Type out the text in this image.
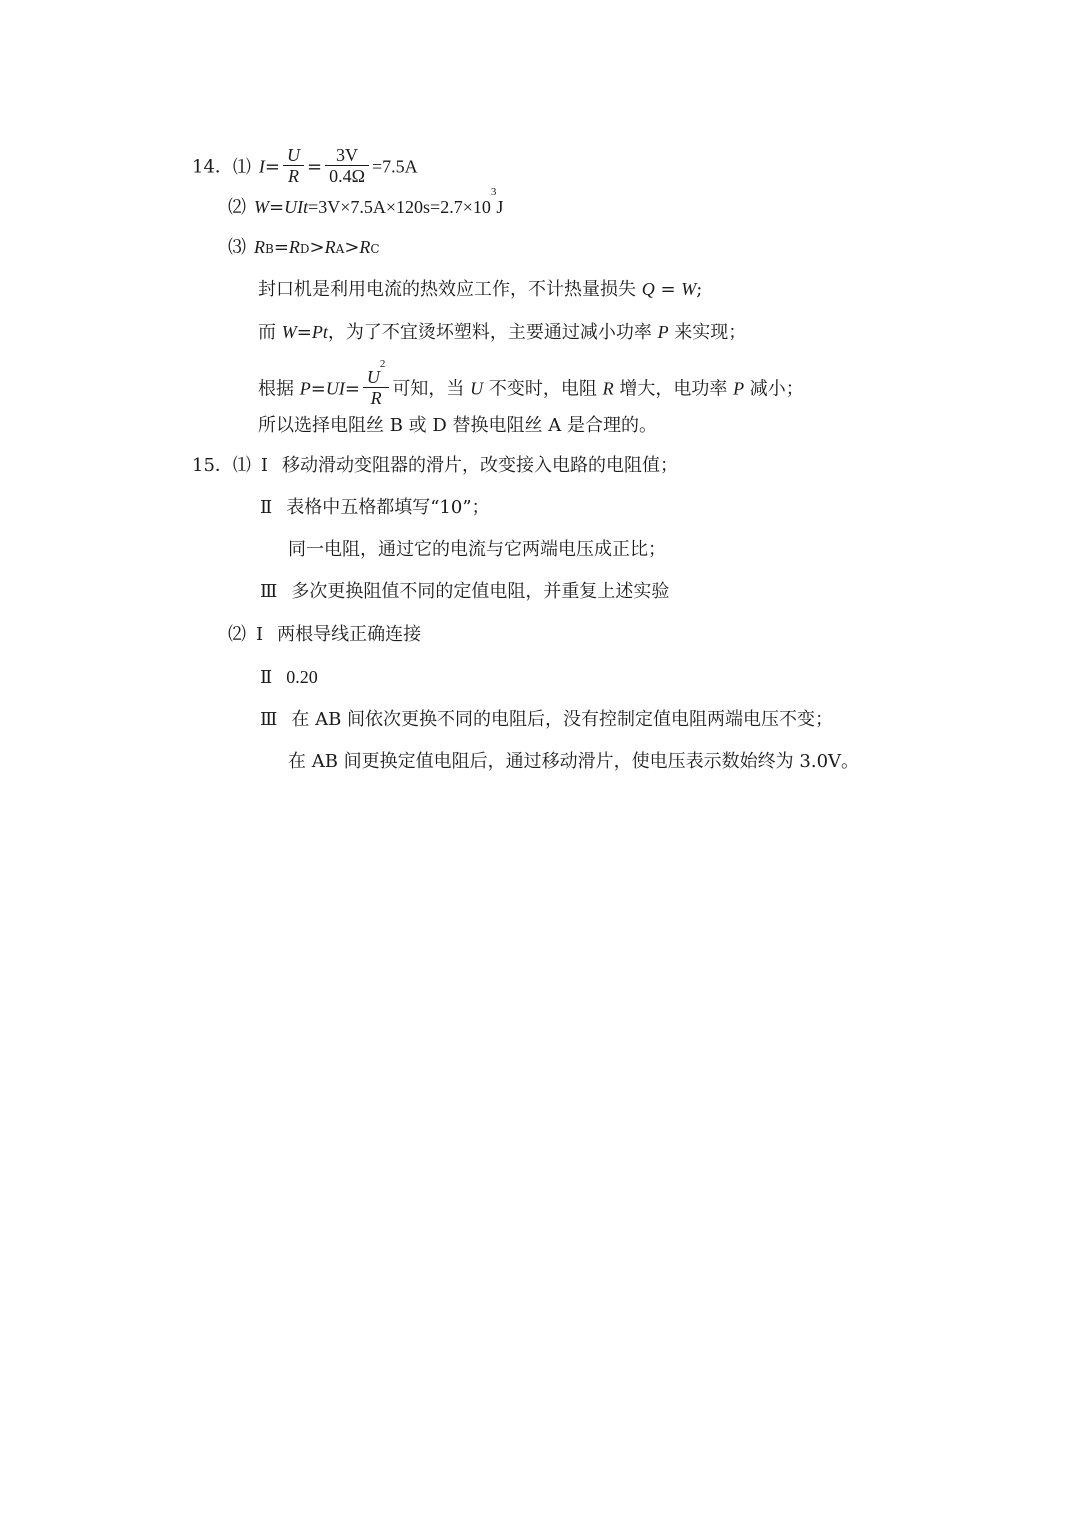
14．⑴ $I= \frac{U}{R} = \frac{3V}{0.4\Omega} =7.5A$
⑵ $W=UIt=3V\times 7.5A\times 120s=2.7\times 10^3J$
⑶ RB=RD>RA>RC
封口机是利用电流的热效应工作，不计热量损失 Q = W;
而 W=Pt，为了不宜烫坏塑料，主要通过减小功率 P 来实现；
根据 $P=UI= \frac{U^2}{R}$ 可知，当 U 不变时，电阻 R 增大，电功率 P 减小；
所以选择电阻丝 B 或 D 替换电阻丝 A 是合理的。
15．⑴ Ⅰ 移动滑动变阻器的滑片，改变接入电路的电阻值；
Ⅱ 表格中五格都填写“10”；
同一电阻，通过它的电流与它两端电压成正比；
Ⅲ 多次更换阻值不同的定值电阻，并重复上述实验
⑵ Ⅰ 两根导线正确连接
Ⅱ 0.20
Ⅲ 在 AB 间依次更换不同的电阻后，没有控制定值电阻两端电压不变；
在 AB 间更换定值电阻后，通过移动滑片，使电压表示数始终为 3.0V。
